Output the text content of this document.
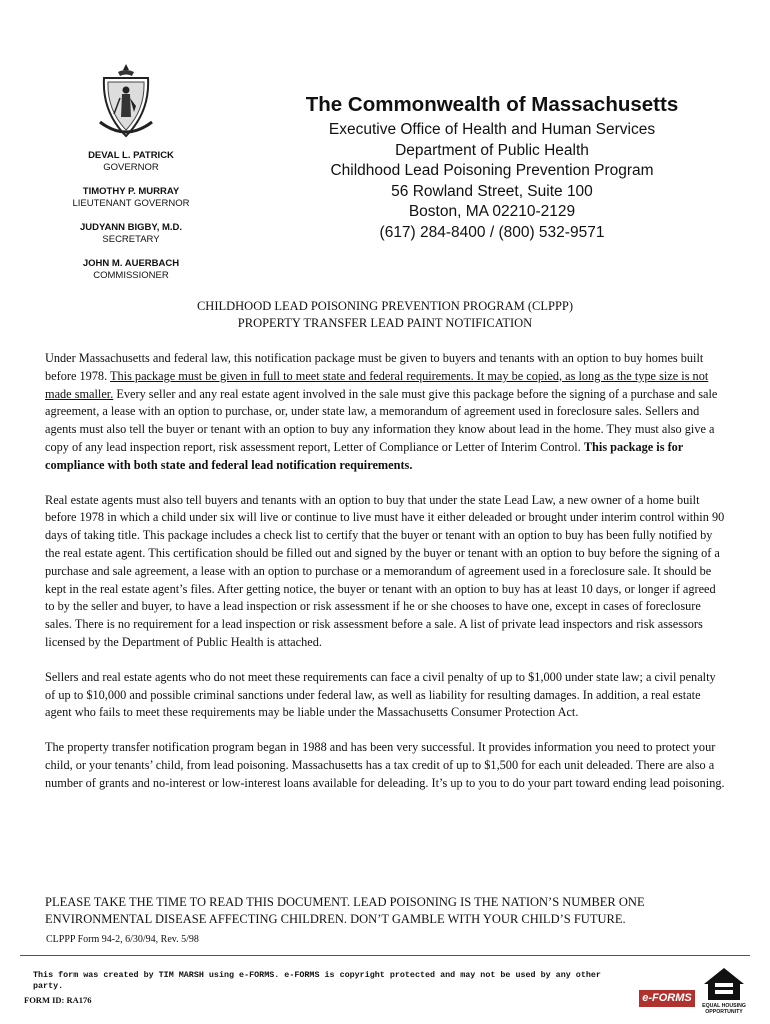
DEVAL L. PATRICK
GOVERNOR
TIMOTHY P. MURRAY
LIEUTENANT GOVERNOR
JUDYANN BIGBY, M.D.
SECRETARY
JOHN M. AUERBACH
COMMISSIONER
The Commonwealth of Massachusetts
Executive Office of Health and Human Services
Department of Public Health
Childhood Lead Poisoning Prevention Program
56 Rowland Street, Suite 100
Boston, MA 02210-2129
(617) 284-8400 / (800) 532-9571
CHILDHOOD LEAD POISONING PREVENTION PROGRAM (CLPPP)
PROPERTY TRANSFER LEAD PAINT NOTIFICATION

Under Massachusetts and federal law, this notification package must be given to buyers and tenants with an option to buy homes built before 1978. This package must be given in full to meet state and federal requirements. It may be copied, as long as the type size is not made smaller. Every seller and any real estate agent involved in the sale must give this package before the signing of a purchase and sale agreement, a lease with an option to purchase, or, under state law, a memorandum of agreement used in foreclosure sales. Sellers and agents must also tell the buyer or tenant with an option to buy any information they know about lead in the home. They must also give a copy of any lead inspection report, risk assessment report, Letter of Compliance or Letter of Interim Control. This package is for compliance with both state and federal lead notification requirements.

Real estate agents must also tell buyers and tenants with an option to buy that under the state Lead Law, a new owner of a home built before 1978 in which a child under six will live or continue to live must have it either deleaded or brought under interim control within 90 days of taking title. This package includes a check list to certify that the buyer or tenant with an option to buy has been fully notified by the real estate agent. This certification should be filled out and signed by the buyer or tenant with an option to buy before the signing of a purchase and sale agreement, a lease with an option to purchase or a memorandum of agreement used in a foreclosure sale. It should be kept in the real estate agent’s files. After getting notice, the buyer or tenant with an option to buy has at least 10 days, or longer if agreed to by the seller and buyer, to have a lead inspection or risk assessment if he or she chooses to have one, except in cases of foreclosure sales. There is no requirement for a lead inspection or risk assessment before a sale. A list of private lead inspectors and risk assessors licensed by the Department of Public Health is attached.

Sellers and real estate agents who do not meet these requirements can face a civil penalty of up to $1,000 under state law; a civil penalty of up to $10,000 and possible criminal sanctions under federal law, as well as liability for resulting damages. In addition, a real estate agent who fails to meet these requirements may be liable under the Massachusetts Consumer Protection Act.

The property transfer notification program began in 1988 and has been very successful. It provides information you need to protect your child, or your tenants’ child, from lead poisoning. Massachusetts has a tax credit of up to $1,500 for each unit deleaded. There are also a number of grants and no-interest or low-interest loans available for deleading. It’s up to you to do your part toward ending lead poisoning.

PLEASE TAKE THE TIME TO READ THIS DOCUMENT. LEAD POISONING IS THE NATION’S NUMBER ONE ENVIRONMENTAL DISEASE AFFECTING CHILDREN. DON’T GAMBLE WITH YOUR CHILD’S FUTURE.
CLPPP Form 94-2, 6/30/94, Rev. 5/98
This form was created by TIM MARSH using e-FORMS. e-FORMS is copyright protected and may not be used by any other party.
FORM ID: RA176	e-FORMS
EQUAL HOUSING
OPPORTUNITY
